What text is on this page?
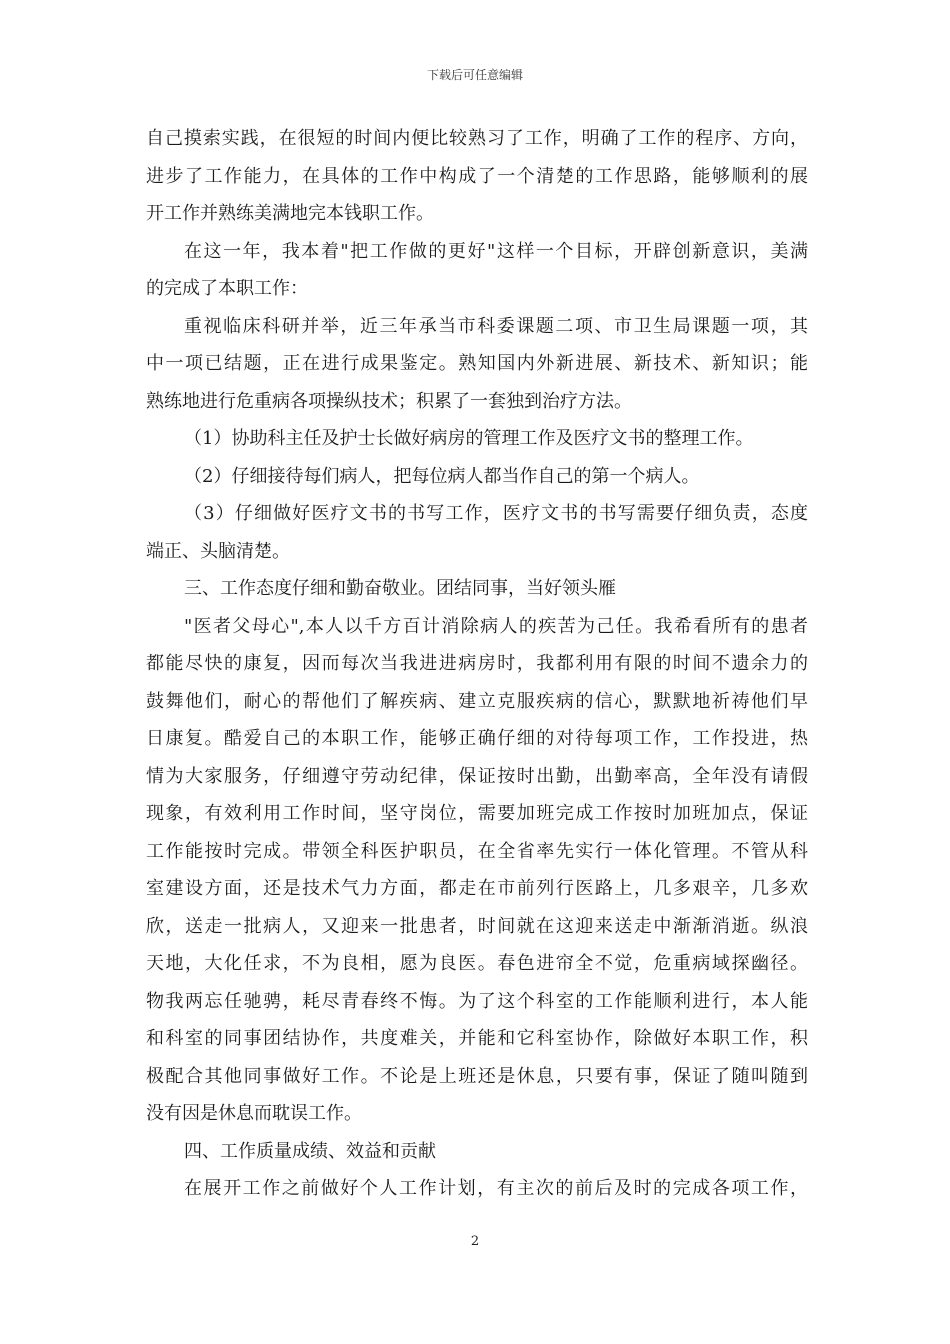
下载后可任意编辑
自己摸索实践，在很短的时间内便比较熟习了工作，明确了工作的程序、方向，
进步了工作能力，在具体的工作中构成了一个清楚的工作思路，能够顺利的展
开工作并熟练美满地完本钱职工作。
在这一年，我本着"把工作做的更好"这样一个目标，开辟创新意识，美满
的完成了本职工作：
重视临床科研并举，近三年承当市科委课题二项、市卫生局课题一项，其
中一项已结题，正在进行成果鉴定。熟知国内外新进展、新技术、新知识；能
熟练地进行危重病各项操纵技术；积累了一套独到治疗方法。
（1）协助科主任及护士长做好病房的管理工作及医疗文书的整理工作。
（2）仔细接待每们病人，把每位病人都当作自己的第一个病人。
（3）仔细做好医疗文书的书写工作，医疗文书的书写需要仔细负责，态度
端正、头脑清楚。
三、工作态度仔细和勤奋敬业。团结同事，当好领头雁
"医者父母心",本人以千方百计消除病人的疾苦为己任。我希看所有的患者
都能尽快的康复，因而每次当我进进病房时，我都利用有限的时间不遗余力的
鼓舞他们，耐心的帮他们了解疾病、建立克服疾病的信心，默默地祈祷他们早
日康复。酷爱自己的本职工作，能够正确仔细的对待每项工作，工作投进，热
情为大家服务，仔细遵守劳动纪律，保证按时出勤，出勤率高，全年没有请假
现象，有效利用工作时间，坚守岗位，需要加班完成工作按时加班加点，保证
工作能按时完成。带领全科医护职员，在全省率先实行一体化管理。不管从科
室建设方面，还是技术气力方面，都走在市前列行医路上，几多艰辛，几多欢
欣，送走一批病人，又迎来一批患者，时间就在这迎来送走中渐渐消逝。纵浪
天地，大化任求，不为良相，愿为良医。春色进帘全不觉，危重病域探幽径。
物我两忘任驰骋，耗尽青春终不悔。为了这个科室的工作能顺利进行，本人能
和科室的同事团结协作，共度难关，并能和它科室协作，除做好本职工作，积
极配合其他同事做好工作。不论是上班还是休息，只要有事，保证了随叫随到
没有因是休息而耽误工作。
四、工作质量成绩、效益和贡献
在展开工作之前做好个人工作计划，有主次的前后及时的完成各项工作，
2
